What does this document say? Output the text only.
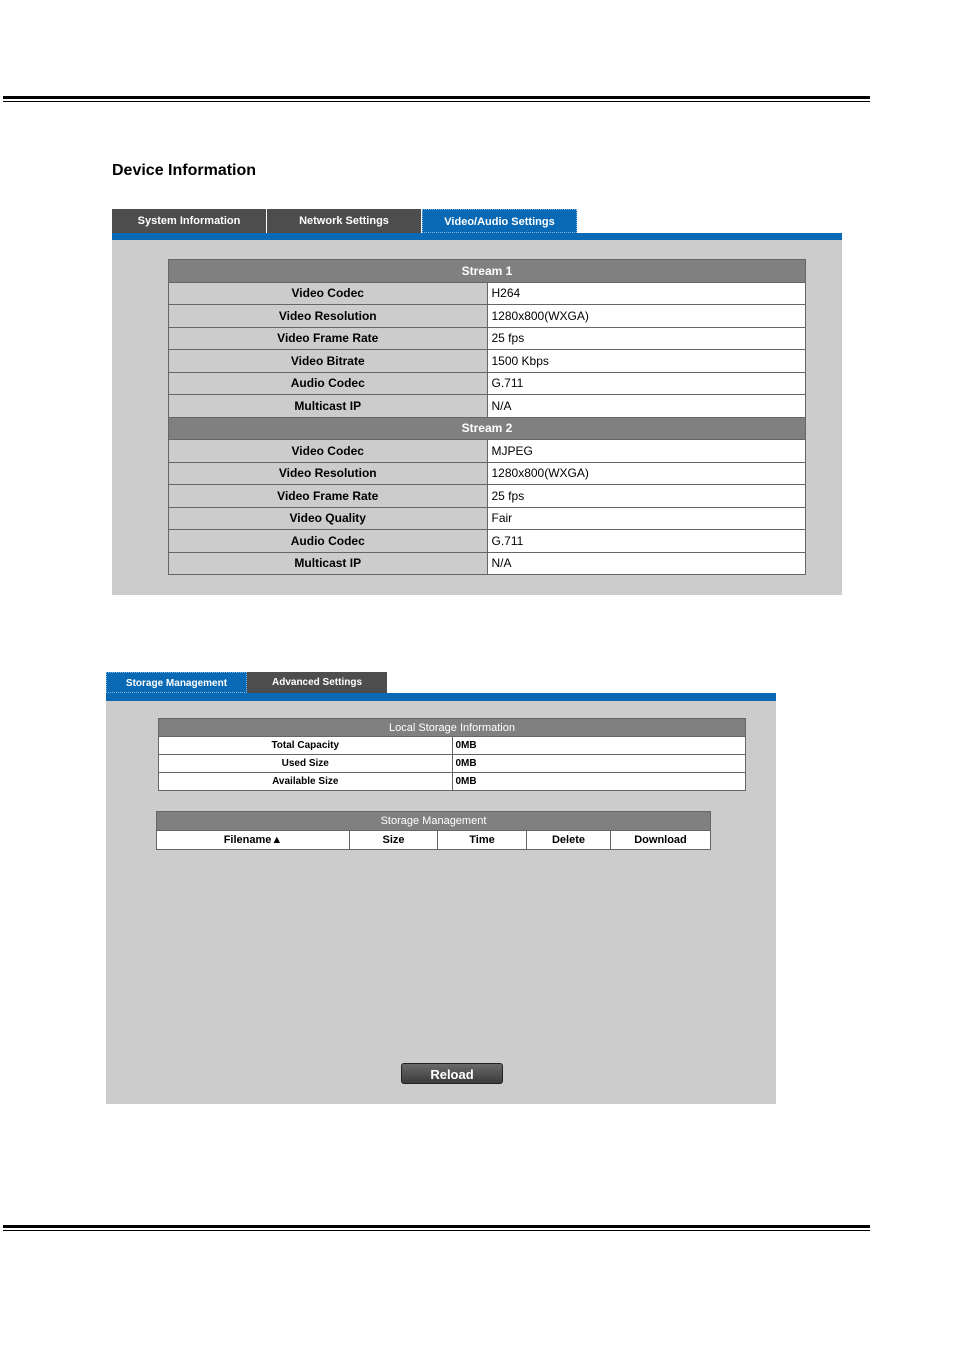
Device Information
System Information	Network Settings	Video/Audio Settings
Stream 1	
Video Codec	H264
Video Resolution	1280x800(WXGA)
Video Frame Rate	25 fps
Video Bitrate	1500 Kbps
Audio Codec	G.711
Multicast IP	N/A
Stream 2	
Video Codec	MJPEG
Video Resolution	1280x800(WXGA)
Video Frame Rate	25 fps
Video Quality	Fair
Audio Codec	G.711
Multicast IP	N/A
Storage Management	Advanced Settings
Local Storage Information	
Total Capacity	0MB
Used Size	0MB
Available Size	0MB
Storage Management
Filename▲	Size	Time	Delete	Download
Reload
